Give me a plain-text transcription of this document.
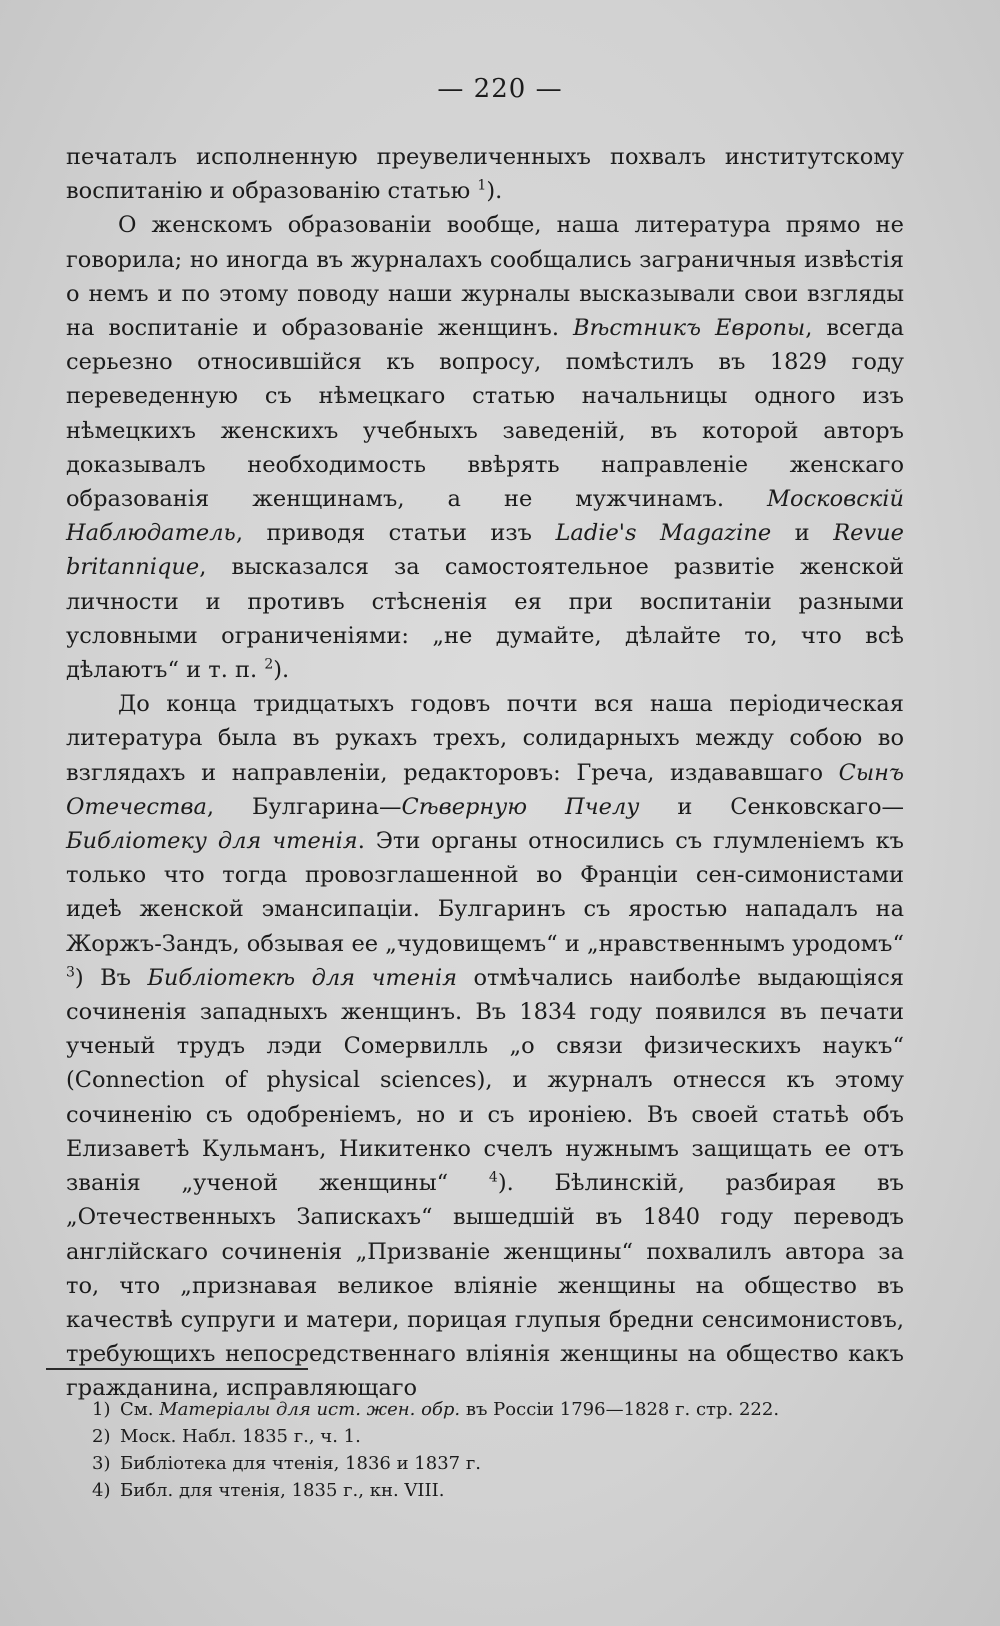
— 220 —

печаталъ исполненную преувеличенныхъ похвалъ институтскому воспитанію и образованію статью $^1$).

О женскомъ образованіи вообще, наша литература прямо не говорила; но иногда въ журналахъ сообщались заграничныя извѣстія о немъ и по этому поводу наши журналы высказывали свои взгляды на воспитаніе и образованіе женщинъ. Вѣстникъ Европы, всегда серьезно относившійся къ вопросу, помѣстилъ въ 1829 году переведенную съ нѣмецкаго статью начальницы одного изъ нѣмецкихъ женскихъ учебныхъ заведеній, въ которой авторъ доказывалъ необходимость ввѣрять направленіе женскаго образованія женщинамъ, а не мужчинамъ. Московскій Наблюдатель, приводя статьи изъ Ladie's Magazine и Revue britannique, высказался за самостоятельное развитіе женской личности и противъ стѣсненія ея при воспитаніи разными условными ограниченіями: „не думайте, дѣлайте то, что всѣ дѣлаютъ“ и т. п. $^2$).

До конца тридцатыхъ годовъ почти вся наша періодическая литература была въ рукахъ трехъ, солидарныхъ между собою во взглядахъ и направленіи, редакторовъ: Греча, издававшаго Сынъ Отечества, Булгарина—Сѣверную Пчелу и Сенковскаго—Библіотеку для чтенія. Эти органы относились съ глумленіемъ къ только что тогда провозглашенной во Франціи сен-симонистами идеѣ женской эмансипаціи. Булгаринъ съ яростью нападалъ на Жоржъ-Зандъ, обзывая ее „чудовищемъ“ и „нравственнымъ уродомъ“ $^3$) Въ Библіотекѣ для чтенія отмѣчались наиболѣе выдающіяся сочиненія западныхъ женщинъ. Въ 1834 году появился въ печати ученый трудъ лэди Сомервилль „о связи физическихъ наукъ“ (Connection of physical sciences), и журналъ отнесся къ этому сочиненію съ одобреніемъ, но и съ ироніею. Въ своей статьѣ объ Елизаветѣ Кульманъ, Никитенко счелъ нужнымъ защищать ее отъ званія „ученой женщины“ $^4$). Бѣлинскій, разбирая въ „Отечественныхъ Запискахъ“ вышедшій въ 1840 году переводъ англійскаго сочиненія „Призваніе женщины“ похвалилъ автора за то, что „признавая великое вліяніе женщины на общество въ качествѣ супруги и матери, порицая глупыя бредни сенсимонистовъ, требующихъ непосредственнаго вліянія женщины на общество какъ гражданина, исправляющаго

1) См. Матеріалы для ист. жен. обр. въ Россіи 1796—1828 г. стр. 222.
2) Моск. Набл. 1835 г., ч. 1.
3) Библіотека для чтенія, 1836 и 1837 г.
4) Библ. для чтенія, 1835 г., кн. VIII.
